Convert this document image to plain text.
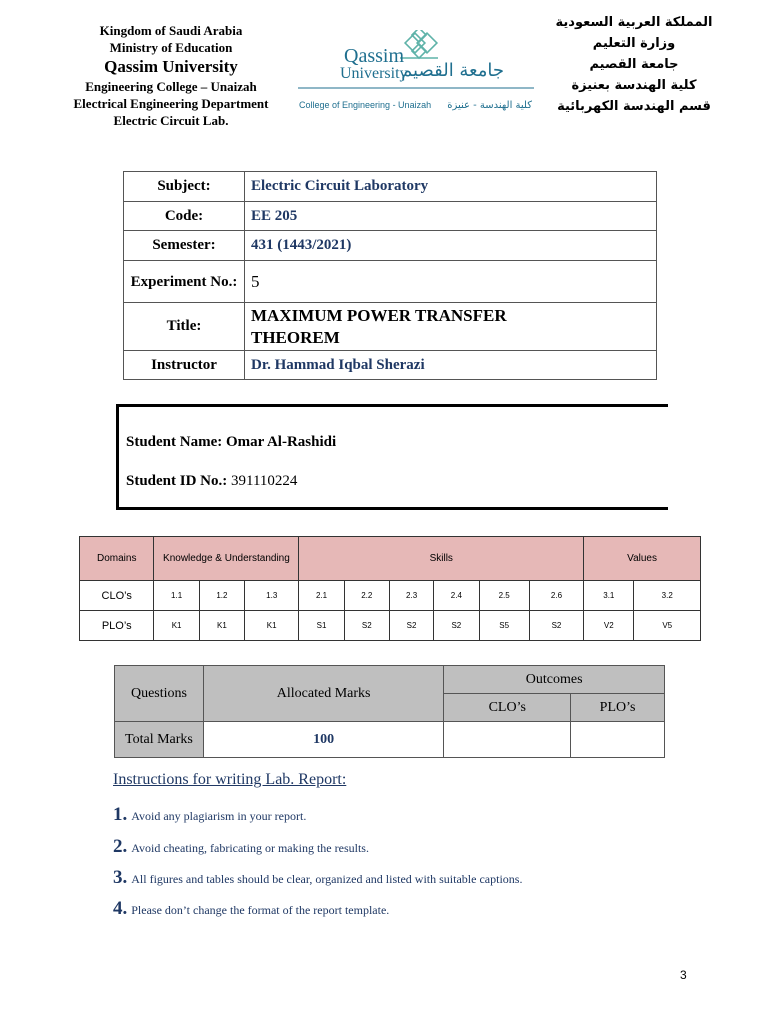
Kingdom of Saudi Arabia
Ministry of Education
Qassim University
Engineering College – Unaizah
Electrical Engineering Department
Electric Circuit Lab.
Qassim
University
جامعة القصيم
College of Engineering - Unaizah كلية الهندسة - عنيزة
المملكة العربية السعودية
وزارة التعليم
جامعة القصيم
كلية الهندسة بعنيزة
قسم الهندسة الكهربائية
Subject:	Electric Circuit Laboratory
Code:	EE 205
Semester:	431 (1443/2021)
Experiment No.:	5
Title:	MAXIMUM POWER TRANSFER THEOREM
Instructor	Dr. Hammad Iqbal Sherazi
Student Name: Omar Al-Rashidi
Student ID No.: 391110224
Domains	Knowledge & Understanding			Skills						Values	
CLO’s	1.1	1.2	1.3	2.1	2.2	2.3	2.4	2.5	2.6	3.1	3.2
PLO’s	K1	K1	K1	S1	S2	S2	S2	S5	S2	V2	V5
Questions	Allocated Marks	Outcomes	
		CLO’s	PLO’s
Total Marks	100		
Instructions for writing Lab. Report:
1. Avoid any plagiarism in your report.
2. Avoid cheating, fabricating or making the results.
3. All figures and tables should be clear, organized and listed with suitable captions.
4. Please don’t change the format of the report template.
3
